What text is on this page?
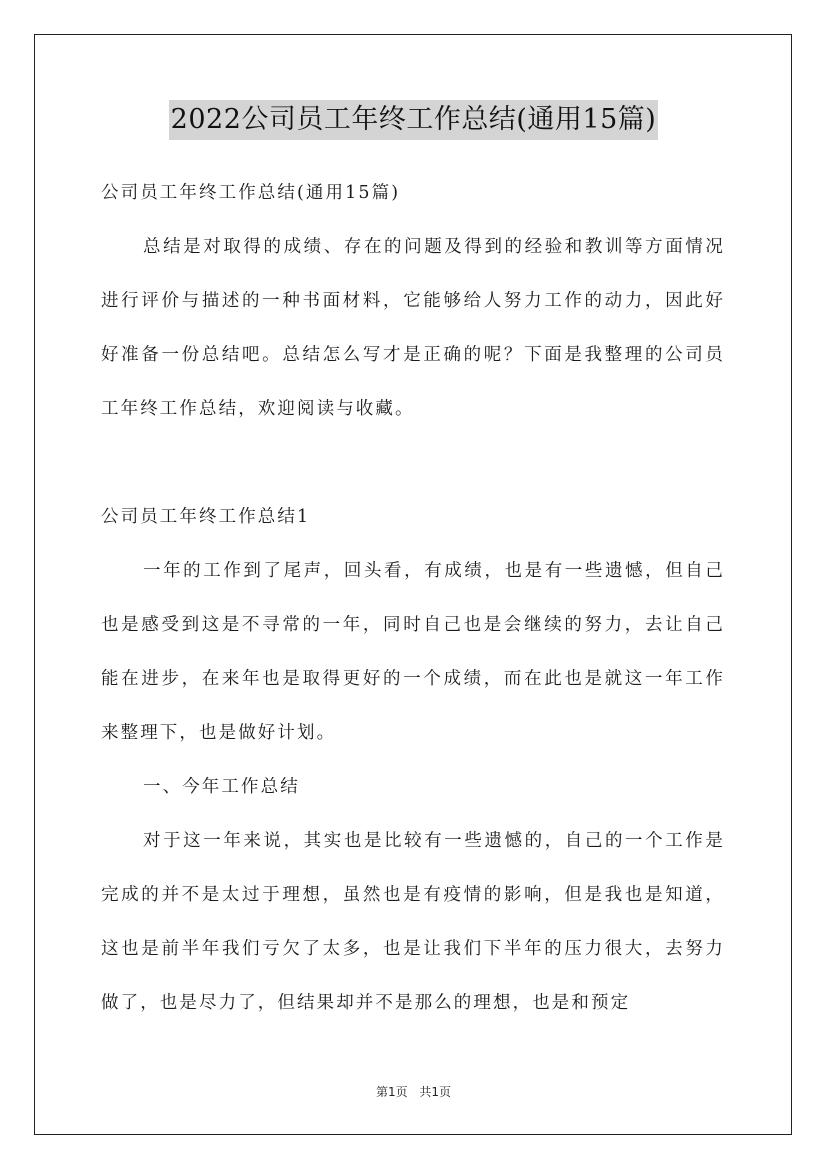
2022公司员工年终工作总结(通用15篇)

公司员工年终工作总结(通用15篇)

总结是对取得的成绩、存在的问题及得到的经验和教训等方面情况进行评价与描述的一种书面材料，它能够给人努力工作的动力，因此好好准备一份总结吧。总结怎么写才是正确的呢？下面是我整理的公司员工年终工作总结，欢迎阅读与收藏。

公司员工年终工作总结1

一年的工作到了尾声，回头看，有成绩，也是有一些遗憾，但自己也是感受到这是不寻常的一年，同时自己也是会继续的努力，去让自己能在进步，在来年也是取得更好的一个成绩，而在此也是就这一年工作来整理下，也是做好计划。

一、今年工作总结

对于这一年来说，其实也是比较有一些遗憾的，自己的一个工作是完成的并不是太过于理想，虽然也是有疫情的影响，但是我也是知道，这也是前半年我们亏欠了太多，也是让我们下半年的压力很大，去努力做了，也是尽力了，但结果却并不是那么的理想，也是和预定

第1页 共1页
